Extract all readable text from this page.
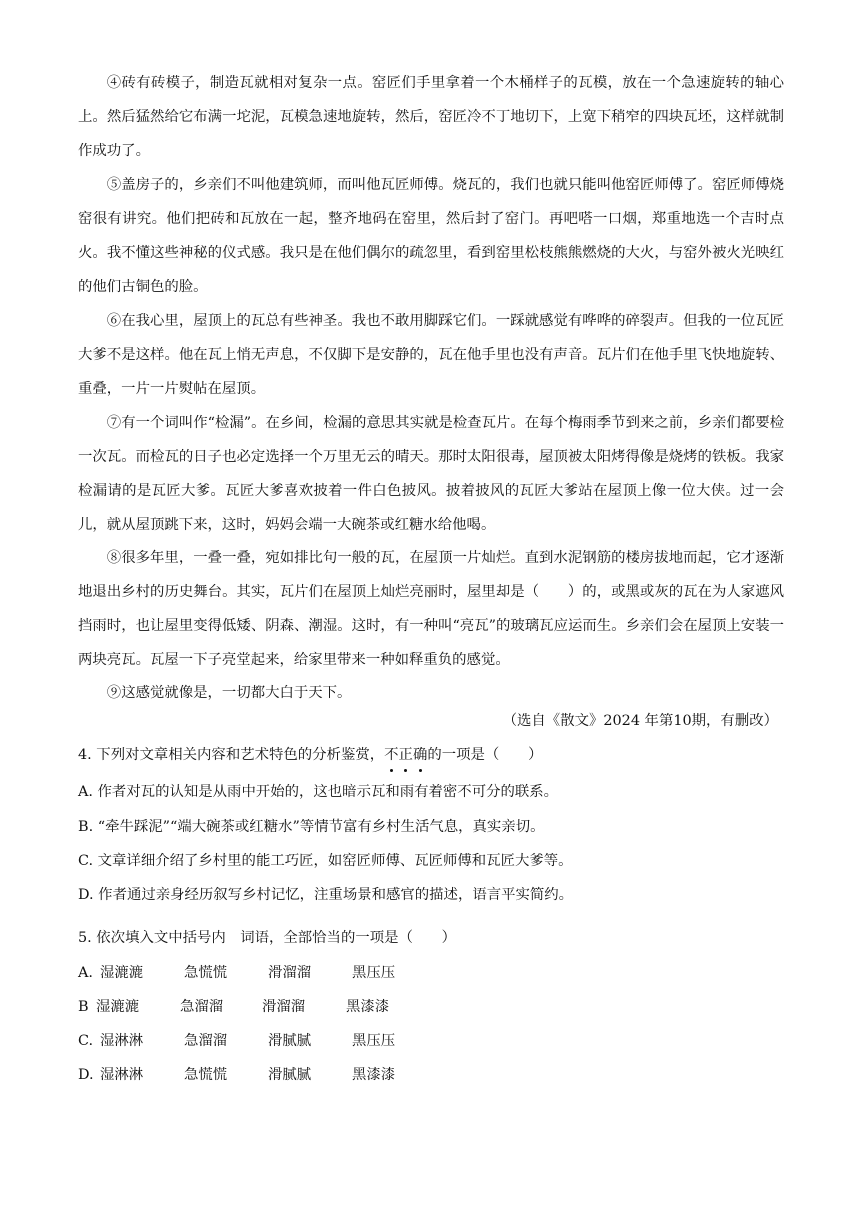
④砖有砖模子，制造瓦就相对复杂一点。窑匠们手里拿着一个木桶样子的瓦模，放在一个急速旋转的轴心上。然后猛然给它布满一坨泥，瓦模急速地旋转，然后，窑匠冷不丁地切下，上宽下稍窄的四块瓦坯，这样就制作成功了。

⑤盖房子的，乡亲们不叫他建筑师，而叫他瓦匠师傅。烧瓦的，我们也就只能叫他窑匠师傅了。窑匠师傅烧窑很有讲究。他们把砖和瓦放在一起，整齐地码在窑里，然后封了窑门。再吧嗒一口烟，郑重地选一个吉时点火。我不懂这些神秘的仪式感。我只是在他们偶尔的疏忽里，看到窑里松枝熊熊燃烧的大火，与窑外被火光映红的他们古铜色的脸。

⑥在我心里，屋顶上的瓦总有些神圣。我也不敢用脚踩它们。一踩就感觉有哗哗的碎裂声。但我的一位瓦匠大爹不是这样。他在瓦上悄无声息，不仅脚下是安静的，瓦在他手里也没有声音。瓦片们在他手里飞快地旋转、重叠，一片一片熨帖在屋顶。

⑦有一个词叫作“检漏”。在乡间，检漏的意思其实就是检查瓦片。在每个梅雨季节到来之前，乡亲们都要检一次瓦。而检瓦的日子也必定选择一个万里无云的晴天。那时太阳很毒，屋顶被太阳烤得像是烧烤的铁板。我家检漏请的是瓦匠大爹。瓦匠大爹喜欢披着一件白色披风。披着披风的瓦匠大爹站在屋顶上像一位大侠。过一会儿，就从屋顶跳下来，这时，妈妈会端一大碗茶或红糖水给他喝。

⑧很多年里，一叠一叠，宛如排比句一般的瓦，在屋顶一片灿烂。直到水泥钢筋的楼房拔地而起，它才逐渐地退出乡村的历史舞台。其实，瓦片们在屋顶上灿烂亮丽时，屋里却是（　　）的，或黑或灰的瓦在为人家遮风挡雨时，也让屋里变得低矮、阴森、潮湿。这时，有一种叫“亮瓦”的玻璃瓦应运而生。乡亲们会在屋顶上安装一两块亮瓦。瓦屋一下子亮堂起来，给家里带来一种如释重负的感觉。

⑨这感觉就像是，一切都大白于天下。

（选自《散文》2024 年第10期，有删改）

4. 下列对文章相关内容和艺术特色的分析鉴赏，不正确的一项是（　　）

A. 作者对瓦的认知是从雨中开始的，这也暗示瓦和雨有着密不可分的联系。

B. “牵牛踩泥”“端大碗茶或红糖水”等情节富有乡村生活气息，真实亲切。

C. 文章详细介绍了乡村里的能工巧匠，如窑匠师傅、瓦匠师傅和瓦匠大爹等。

D. 作者通过亲身经历叙写乡村记忆，注重场景和感官的描述，语言平实简约。

5. 依次填入文中括号内　词语，全部恰当的一项是（　　）

A.湿漉漉	急慌慌	滑溜溜	黑压压

B湿漉漉	急溜溜	滑溜溜	黑漆漆

C.湿淋淋	急溜溜	滑腻腻	黑压压

D.湿淋淋	急慌慌	滑腻腻	黑漆漆
